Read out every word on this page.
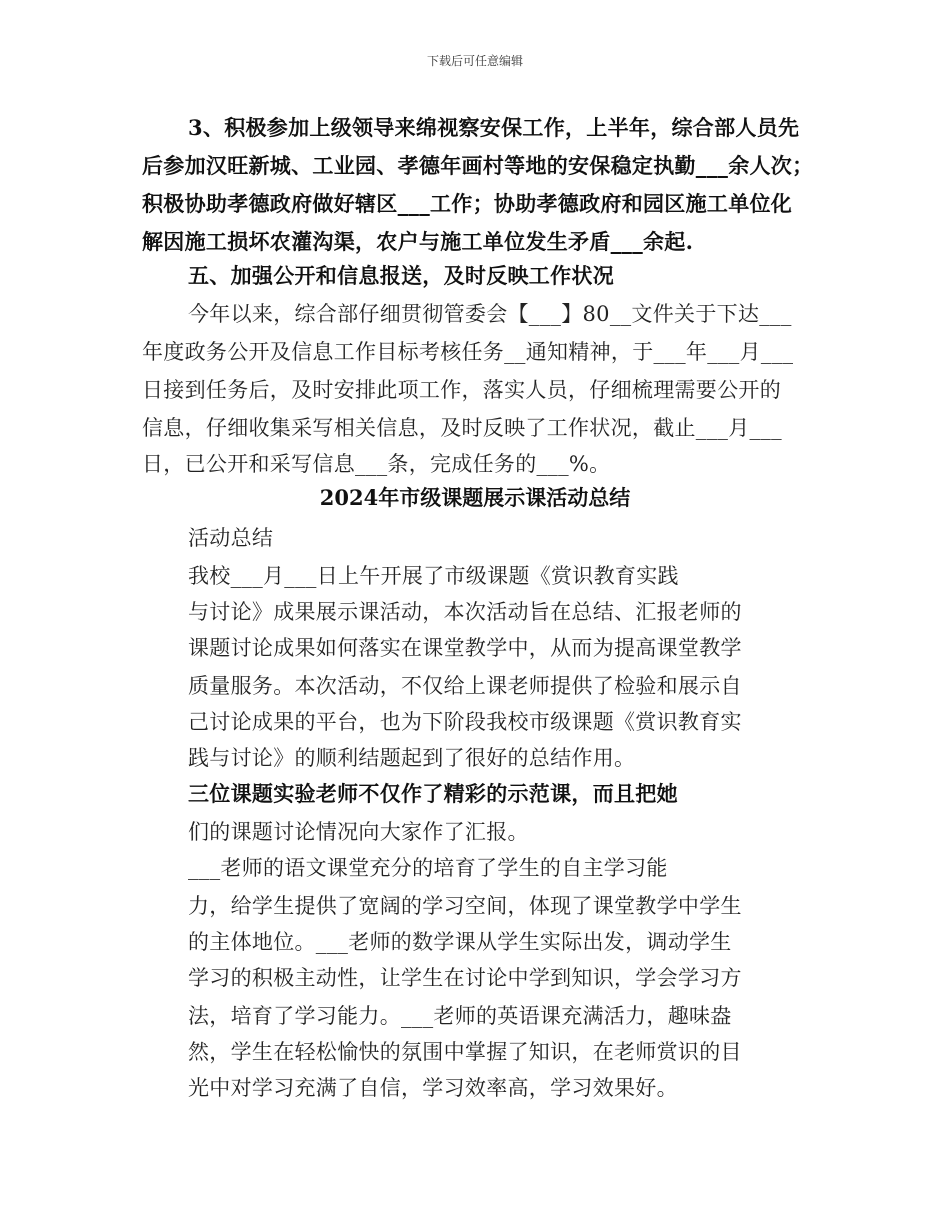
下载后可任意编辑
3、积极参加上级领导来绵视察安保工作，上半年，综合部人员先
后参加汉旺新城、工业园、孝德年画村等地的安保稳定执勤___余人次；
积极协助孝德政府做好辖区___工作；协助孝德政府和园区施工单位化
解因施工损坏农灌沟渠，农户与施工单位发生矛盾___余起.
五、加强公开和信息报送，及时反映工作状况
今年以来，综合部仔细贯彻管委会【___】80__文件关于下达___
年度政务公开及信息工作目标考核任务__通知精神，于___年___月___
日接到任务后，及时安排此项工作，落实人员，仔细梳理需要公开的
信息，仔细收集采写相关信息，及时反映了工作状况，截止___月___
日，已公开和采写信息___条，完成任务的___%。
2024年市级课题展示课活动总结
活动总结
我校___月___日上午开展了市级课题《赏识教育实践
与讨论》成果展示课活动，本次活动旨在总结、汇报老师的
课题讨论成果如何落实在课堂教学中，从而为提高课堂教学
质量服务。本次活动，不仅给上课老师提供了检验和展示自
己讨论成果的平台，也为下阶段我校市级课题《赏识教育实
践与讨论》的顺利结题起到了很好的总结作用。
三位课题实验老师不仅作了精彩的示范课，而且把她
们的课题讨论情况向大家作了汇报。
___老师的语文课堂充分的培育了学生的自主学习能
力，给学生提供了宽阔的学习空间，体现了课堂教学中学生
的主体地位。___老师的数学课从学生实际出发，调动学生
学习的积极主动性，让学生在讨论中学到知识，学会学习方
法，培育了学习能力。___老师的英语课充满活力，趣味盎
然，学生在轻松愉快的氛围中掌握了知识，在老师赏识的目
光中对学习充满了自信，学习效率高，学习效果好。
